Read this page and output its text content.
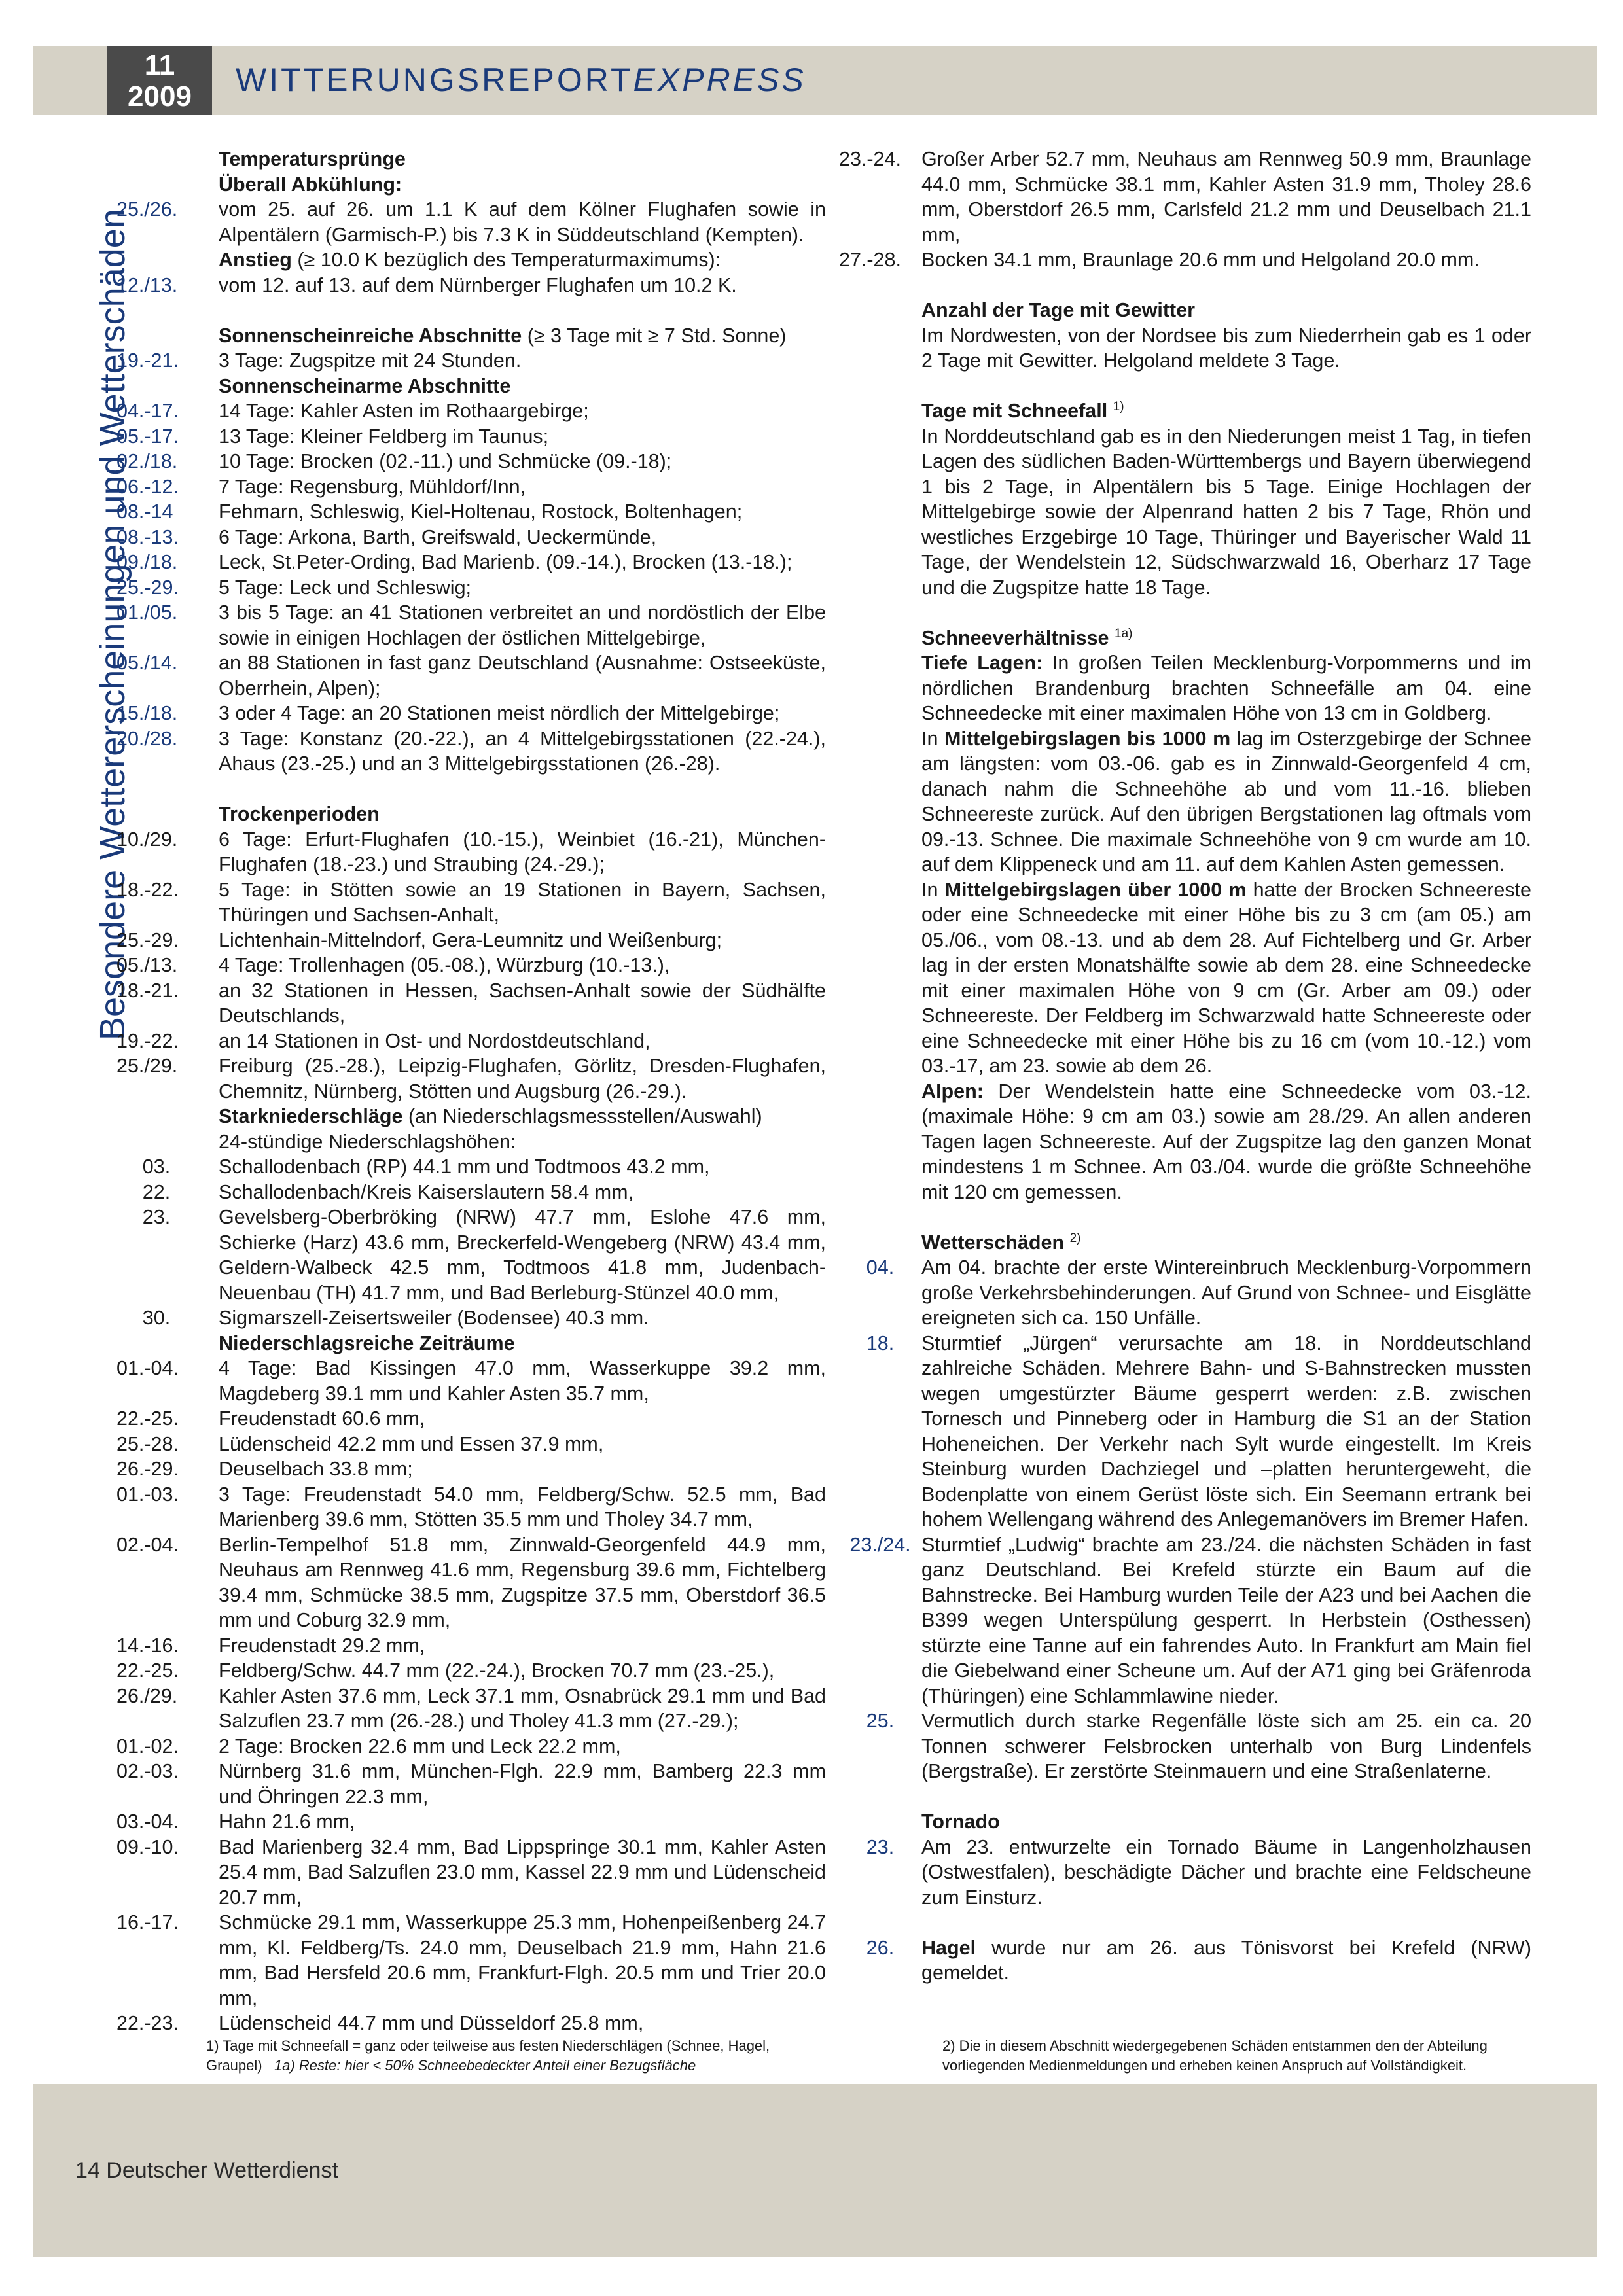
11
2009	WITTERUNGSREPORTEXPRESS
Besondere Wettererscheinungen und Wetterschäden
Temperatursprünge
Überall Abkühlung:
25./26.	vom 25. auf 26. um 1.1 K auf dem Kölner Flughafen sowie in Alpentälern (Garmisch-P.) bis 7.3 K in Süddeutschland (Kempten).
Anstieg (≥ 10.0 K bezüglich des Temperaturmaximums):
12./13.	vom 12. auf 13. auf dem Nürnberger Flughafen um 10.2 K.
Sonnenscheinreiche Abschnitte (≥ 3 Tage mit ≥ 7 Std. Sonne)
19.-21.	3 Tage: Zugspitze mit 24 Stunden.
Sonnenscheinarme Abschnitte
04.-17.	14 Tage: Kahler Asten im Rothaargebirge;
05.-17.	13 Tage: Kleiner Feldberg im Taunus;
02./18.	10 Tage: Brocken (02.-11.) und Schmücke (09.-18);
06.-12.	7 Tage: Regensburg, Mühldorf/Inn,
08.-14	Fehmarn, Schleswig, Kiel-Holtenau, Rostock, Boltenhagen;
08.-13.	6 Tage: Arkona, Barth, Greifswald, Ueckermünde,
09./18.	Leck, St.Peter-Ording, Bad Marienb. (09.-14.), Brocken (13.-18.);
25.-29.	5 Tage: Leck und Schleswig;
01./05.	3 bis 5 Tage: an 41 Stationen verbreitet an und nordöstlich der Elbe sowie in einigen Hochlagen der östlichen Mittelgebirge,
05./14.	an 88 Stationen in fast ganz Deutschland (Ausnahme: Ostseeküste, Oberrhein, Alpen);
15./18.	3 oder 4 Tage: an 20 Stationen meist nördlich der Mittelgebirge;
20./28.	3 Tage: Konstanz (20.-22.), an 4 Mittelgebirgsstationen (22.-24.), Ahaus (23.-25.) und an 3 Mittelgebirgsstationen (26.-28).
Trockenperioden
10./29.	6 Tage: Erfurt-Flughafen (10.-15.), Weinbiet (16.-21), München-Flughafen (18.-23.) und Straubing (24.-29.);
18.-22.	5 Tage: in Stötten sowie an 19 Stationen in Bayern, Sachsen, Thüringen und Sachsen-Anhalt,
25.-29.	Lichtenhain-Mittelndorf, Gera-Leumnitz und Weißenburg;
05./13.	4 Tage: Trollenhagen (05.-08.), Würzburg (10.-13.),
18.-21.	an 32 Stationen in Hessen, Sachsen-Anhalt sowie der Südhälfte Deutschlands,
19.-22.	an 14 Stationen in Ost- und Nordostdeutschland,
25./29.	Freiburg (25.-28.), Leipzig-Flughafen, Görlitz, Dresden-Flughafen, Chemnitz, Nürnberg, Stötten und Augsburg (26.-29.).
Starkniederschläge (an Niederschlagsmessstellen/Auswahl)
24-stündige Niederschlagshöhen:
03.	Schallodenbach (RP) 44.1 mm und Todtmoos 43.2 mm,
22.	Schallodenbach/Kreis Kaiserslautern 58.4 mm,
23.	Gevelsberg-Oberbröking (NRW) 47.7 mm, Eslohe 47.6 mm, Schierke (Harz) 43.6 mm, Breckerfeld-Wengeberg (NRW) 43.4 mm, Geldern-Walbeck 42.5 mm, Todtmoos 41.8 mm, Judenbach-Neuenbau (TH) 41.7 mm, und Bad Berleburg-Stünzel 40.0 mm,
30.	Sigmarszell-Zeisertsweiler (Bodensee) 40.3 mm.
Niederschlagsreiche Zeiträume
01.-04.	4 Tage: Bad Kissingen 47.0 mm, Wasserkuppe 39.2 mm, Magdeberg 39.1 mm und Kahler Asten 35.7 mm,
22.-25.	Freudenstadt 60.6 mm,
25.-28.	Lüdenscheid 42.2 mm und Essen 37.9 mm,
26.-29.	Deuselbach 33.8 mm;
01.-03.	3 Tage: Freudenstadt 54.0 mm, Feldberg/Schw. 52.5 mm, Bad Marienberg 39.6 mm, Stötten 35.5 mm und Tholey 34.7 mm,
02.-04.	Berlin-Tempelhof 51.8 mm, Zinnwald-Georgenfeld 44.9 mm, Neuhaus am Rennweg 41.6 mm, Regensburg 39.6 mm, Fichtelberg 39.4 mm, Schmücke 38.5 mm, Zugspitze 37.5 mm, Oberstdorf 36.5 mm und Coburg 32.9 mm,
14.-16.	Freudenstadt 29.2 mm,
22.-25.	Feldberg/Schw. 44.7 mm (22.-24.), Brocken 70.7 mm (23.-25.),
26./29.	Kahler Asten 37.6 mm, Leck 37.1 mm, Osnabrück 29.1 mm und Bad Salzuflen 23.7 mm (26.-28.) und Tholey 41.3 mm (27.-29.);
01.-02.	2 Tage: Brocken 22.6 mm und Leck 22.2 mm,
02.-03.	Nürnberg 31.6 mm, München-Flgh. 22.9 mm, Bamberg 22.3 mm und Öhringen 22.3 mm,
03.-04.	Hahn 21.6 mm,
09.-10.	Bad Marienberg 32.4 mm, Bad Lippspringe 30.1 mm, Kahler Asten 25.4 mm, Bad Salzuflen 23.0 mm, Kassel 22.9 mm und Lüdenscheid 20.7 mm,
16.-17.	Schmücke 29.1 mm, Wasserkuppe 25.3 mm, Hohenpeißenberg 24.7 mm, Kl. Feldberg/Ts. 24.0 mm, Deuselbach 21.9 mm, Hahn 21.6 mm, Bad Hersfeld 20.6 mm, Frankfurt-Flgh. 20.5 mm und Trier 20.0 mm,
22.-23.	Lüdenscheid 44.7 mm und Düsseldorf 25.8 mm,
1) Tage mit Schneefall = ganz oder teilweise aus festen Niederschlägen (Schnee, Hagel, Graupel) 1a) Reste: hier < 50% Schneebedeckter Anteil einer Bezugsfläche
23.-24.	Großer Arber 52.7 mm, Neuhaus am Rennweg 50.9 mm, Braunlage 44.0 mm, Schmücke 38.1 mm, Kahler Asten 31.9 mm, Tholey 28.6 mm, Oberstdorf 26.5 mm, Carlsfeld 21.2 mm und Deuselbach 21.1 mm,
27.-28.	Bocken 34.1 mm, Braunlage 20.6 mm und Helgoland 20.0 mm.
Anzahl der Tage mit Gewitter
Im Nordwesten, von der Nordsee bis zum Niederrhein gab es 1 oder 2 Tage mit Gewitter. Helgoland meldete 3 Tage.
Tage mit Schneefall $^{1)}$
In Norddeutschland gab es in den Niederungen meist 1 Tag, in tiefen Lagen des südlichen Baden-Württembergs und Bayern überwiegend 1 bis 2 Tage, in Alpentälern bis 5 Tage. Einige Hochlagen der Mittelgebirge sowie der Alpenrand hatten 2 bis 7 Tage, Rhön und westliches Erzgebirge 10 Tage, Thüringer und Bayerischer Wald 11 Tage, der Wendelstein 12, Südschwarzwald 16, Oberharz 17 Tage und die Zugspitze hatte 18 Tage.
Schneeverhältnisse $^{1a)}$
Tiefe Lagen: In großen Teilen Mecklenburg-Vorpommerns und im nördlichen Brandenburg brachten Schneefälle am 04. eine Schneedecke mit einer maximalen Höhe von 13 cm in Goldberg.
In Mittelgebirgslagen bis 1000 m lag im Osterzgebirge der Schnee am längsten: vom 03.-06. gab es in Zinnwald-Georgenfeld 4 cm, danach nahm die Schneehöhe ab und vom 11.-16. blieben Schneereste zurück. Auf den übrigen Bergstationen lag oftmals vom 09.-13. Schnee. Die maximale Schneehöhe von 9 cm wurde am 10. auf dem Klippeneck und am 11. auf dem Kahlen Asten gemessen.
In Mittelgebirgslagen über 1000 m hatte der Brocken Schneereste oder eine Schneedecke mit einer Höhe bis zu 3 cm (am 05.) am 05./06., vom 08.-13. und ab dem 28. Auf Fichtelberg und Gr. Arber lag in der ersten Monatshälfte sowie ab dem 28. eine Schneedecke mit einer maximalen Höhe von 9 cm (Gr. Arber am 09.) oder Schneereste. Der Feldberg im Schwarzwald hatte Schneereste oder eine Schneedecke mit einer Höhe bis zu 16 cm (vom 10.-12.) vom 03.-17, am 23. sowie ab dem 26.
Alpen: Der Wendelstein hatte eine Schneedecke vom 03.-12. (maximale Höhe: 9 cm am 03.) sowie am 28./29. An allen anderen Tagen lagen Schneereste. Auf der Zugspitze lag den ganzen Monat mindestens 1 m Schnee. Am 03./04. wurde die größte Schneehöhe mit 120 cm gemessen.
Wetterschäden $^{2)}$
04.	Am 04. brachte der erste Wintereinbruch Mecklenburg-Vorpommern große Verkehrsbehinderungen. Auf Grund von Schnee- und Eisglätte ereigneten sich ca. 150 Unfälle.
18.	Sturmtief „Jürgen“ verursachte am 18. in Norddeutschland zahlreiche Schäden. Mehrere Bahn- und S-Bahnstrecken mussten wegen umgestürzter Bäume gesperrt werden: z.B. zwischen Tornesch und Pinneberg oder in Hamburg die S1 an der Station Hoheneichen. Der Verkehr nach Sylt wurde eingestellt. Im Kreis Steinburg wurden Dachziegel und –platten heruntergeweht, die Bodenplatte von einem Gerüst löste sich. Ein Seemann ertrank bei hohem Wellengang während des Anlegemanövers im Bremer Hafen.
23./24. Sturmtief „Ludwig“ brachte am 23./24. die nächsten Schäden in fast ganz Deutschland. Bei Krefeld stürzte ein Baum auf die Bahnstrecke. Bei Hamburg wurden Teile der A23 und bei Aachen die B399 wegen Unterspülung gesperrt. In Herbstein (Osthessen) stürzte eine Tanne auf ein fahrendes Auto. In Frankfurt am Main fiel die Giebelwand einer Scheune um. Auf der A71 ging bei Gräfenroda (Thüringen) eine Schlammlawine nieder.
25.	Vermutlich durch starke Regenfälle löste sich am 25. ein ca. 20 Tonnen schwerer Felsbrocken unterhalb von Burg Lindenfels (Bergstraße). Er zerstörte Steinmauern und eine Straßenlaterne.
Tornado
23.	Am 23. entwurzelte ein Tornado Bäume in Langenholzhausen (Ostwestfalen), beschädigte Dächer und brachte eine Feldscheune zum Einsturz.
26.	Hagel wurde nur am 26. aus Tönisvorst bei Krefeld (NRW) gemeldet.
2) Die in diesem Abschnitt wiedergegebenen Schäden entstammen den der Abteilung vorliegenden Medienmeldungen und erheben keinen Anspruch auf Vollständigkeit.
14 Deutscher Wetterdienst
